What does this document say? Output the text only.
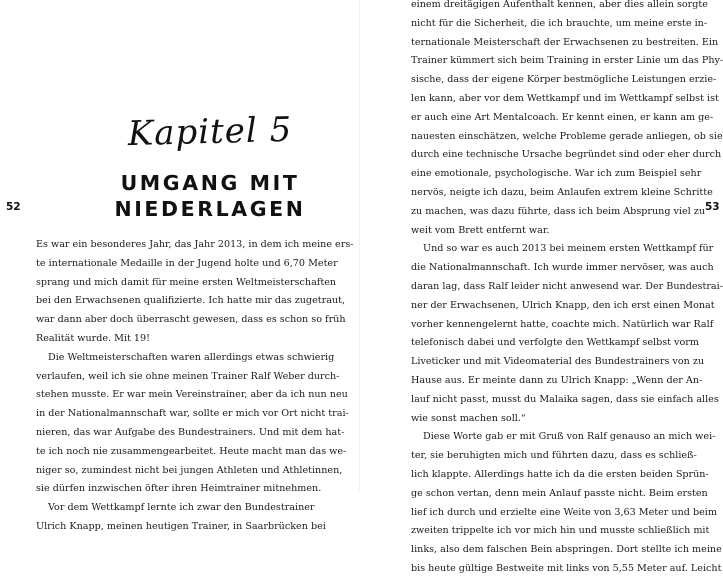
52
Kapitel 5
UMGANG MIT
NIEDERLAGEN
Es war ein besonderes Jahr, das Jahr 2013, in dem ich meine ers-
te internationale Medaille in der Jugend holte und 6,70 Meter
sprang und mich damit für meine ersten Weltmeisterschaften
bei den Erwachsenen qualifizierte. Ich hatte mir das zugetraut,
war dann aber doch überrascht gewesen, dass es schon so früh
Realität wurde. Mit 19!
Die Weltmeisterschaften waren allerdings etwas schwierig
verlaufen, weil ich sie ohne meinen Trainer Ralf Weber durch-
stehen musste. Er war mein Vereinstrainer, aber da ich nun neu
in der Nationalmannschaft war, sollte er mich vor Ort nicht trai-
nieren, das war Aufgabe des Bundestrainers. Und mit dem hat-
te ich noch nie zusammengearbeitet. Heute macht man das we-
niger so, zumindest nicht bei jungen Athleten und Athletinnen,
sie dürfen inzwischen öfter ihren Heimtrainer mitnehmen.
Vor dem Wettkampf lernte ich zwar den Bundestrainer
Ulrich Knapp, meinen heutigen Trainer, in Saarbrücken bei
53
einem dreitägigen Aufenthalt kennen, aber dies allein sorgte
nicht für die Sicherheit, die ich brauchte, um meine erste in-
ternationale Meisterschaft der Erwachsenen zu bestreiten. Ein
Trainer kümmert sich beim Training in erster Linie um das Phy-
sische, dass der eigene Körper bestmögliche Leistungen erzie-
len kann, aber vor dem Wettkampf und im Wettkampf selbst ist
er auch eine Art Mentalcoach. Er kennt einen, er kann am ge-
nauesten einschätzen, welche Probleme gerade anliegen, ob sie
durch eine technische Ursache begründet sind oder eher durch
eine emotionale, psychologische. War ich zum Beispiel sehr
nervös, neigte ich dazu, beim Anlaufen extrem kleine Schritte
zu machen, was dazu führte, dass ich beim Absprung viel zu
weit vom Brett entfernt war.
Und so war es auch 2013 bei meinem ersten Wettkampf für
die Nationalmannschaft. Ich wurde immer nervöser, was auch
daran lag, dass Ralf leider nicht anwesend war. Der Bundestrai-
ner der Erwachsenen, Ulrich Knapp, den ich erst einen Monat
vorher kennengelernt hatte, coachte mich. Natürlich war Ralf
telefonisch dabei und verfolgte den Wettkampf selbst vorm
Liveticker und mit Videomaterial des Bundestrainers von zu
Hause aus. Er meinte dann zu Ulrich Knapp: „Wenn der An-
lauf nicht passt, musst du Malaika sagen, dass sie einfach alles
wie sonst machen soll.“
Diese Worte gab er mit Gruß von Ralf genauso an mich wei-
ter, sie beruhigten mich und führten dazu, dass es schließ-
lich klappte. Allerdings hatte ich da die ersten beiden Sprün-
ge schon vertan, denn mein Anlauf passte nicht. Beim ersten
lief ich durch und erzielte eine Weite von 3,63 Meter und beim
zweiten trippelte ich vor mich hin und musste schließlich mit
links, also dem falschen Bein abspringen. Dort stellte ich meine
bis heute gültige Bestweite mit links von 5,55 Meter auf. Leicht
